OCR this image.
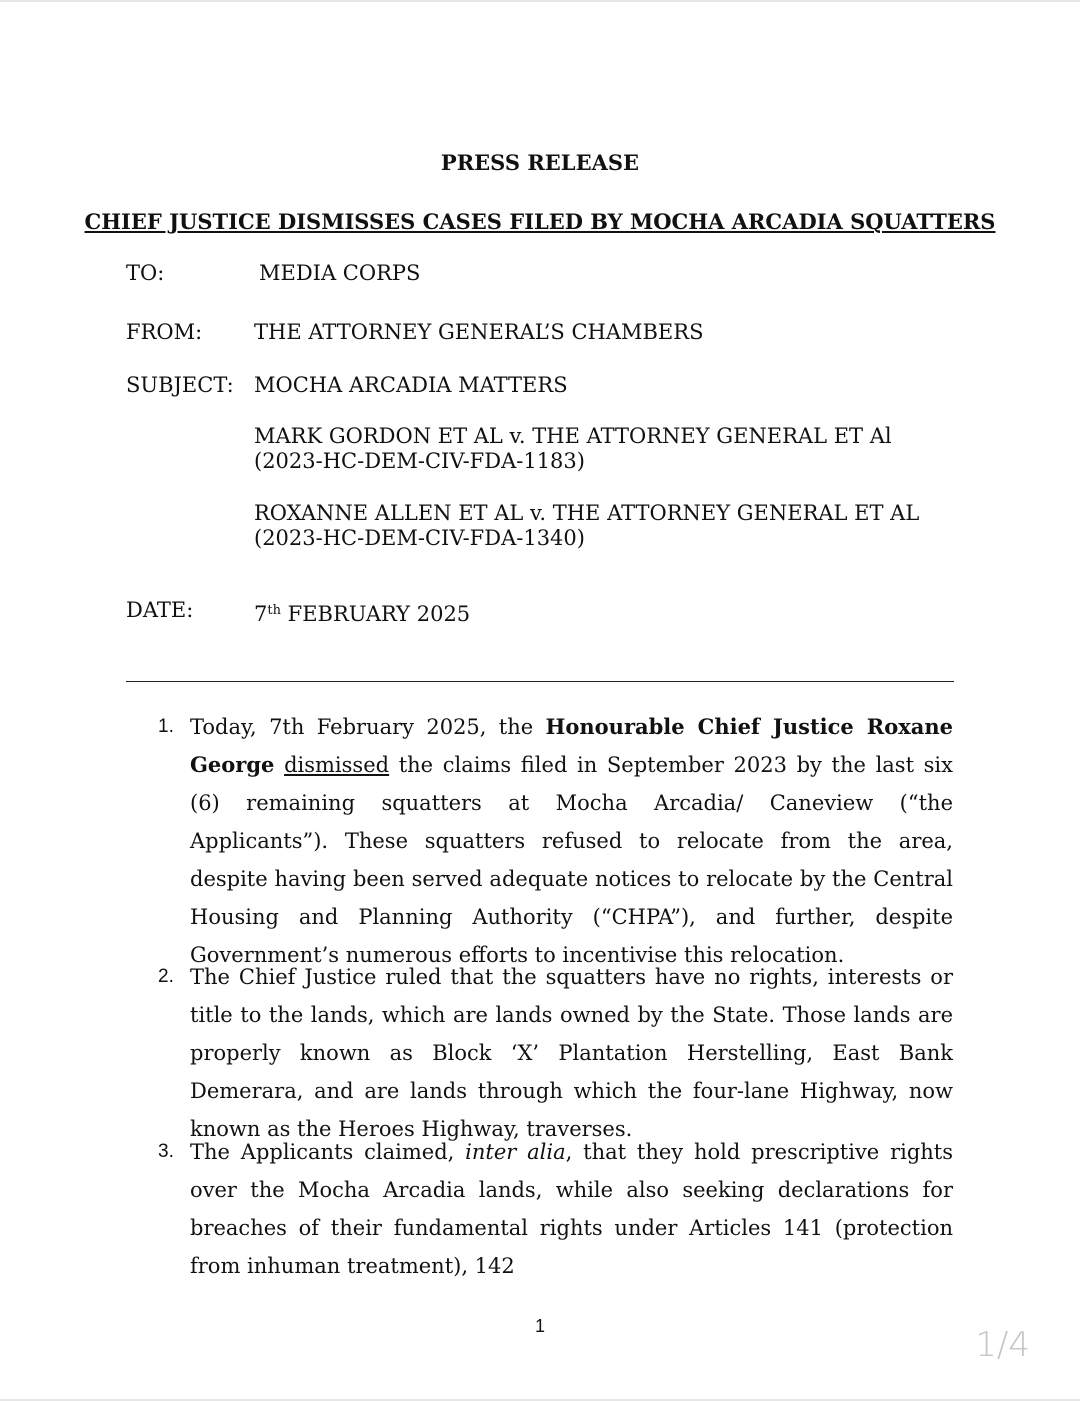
PRESS RELEASE
CHIEF JUSTICE DISMISSES CASES FILED BY MOCHA ARCADIA SQUATTERS
TO:	MEDIA CORPS
FROM: THE ATTORNEY GENERAL’S CHAMBERS
SUBJECT: MOCHA ARCADIA MATTERS
MARK GORDON ET AL v. THE ATTORNEY GENERAL ET Al
(2023-HC-DEM-CIV-FDA-1183)
ROXANNE ALLEN ET AL v. THE ATTORNEY GENERAL ET AL
(2023-HC-DEM-CIV-FDA-1340)
DATE:	7th FEBRUARY 2025
1. Today, 7th February 2025, the Honourable Chief Justice Roxane George dismissed the claims filed in September 2023 by the last six (6) remaining squatters at Mocha Arcadia/ Caneview (“the Applicants”). These squatters refused to relocate from the area, despite having been served adequate notices to relocate by the Central Housing and Planning Authority (“CHPA”), and further, despite Government’s numerous efforts to incentivise this relocation.
2. The Chief Justice ruled that the squatters have no rights, interests or title to the lands, which are lands owned by the State. Those lands are properly known as Block ‘X’ Plantation Herstelling, East Bank Demerara, and are lands through which the four-lane Highway, now known as the Heroes Highway, traverses.
3. The Applicants claimed, inter alia, that they hold prescriptive rights over the Mocha Arcadia lands, while also seeking declarations for breaches of their fundamental rights under Articles 141 (protection from inhuman treatment), 142
1	1/4
